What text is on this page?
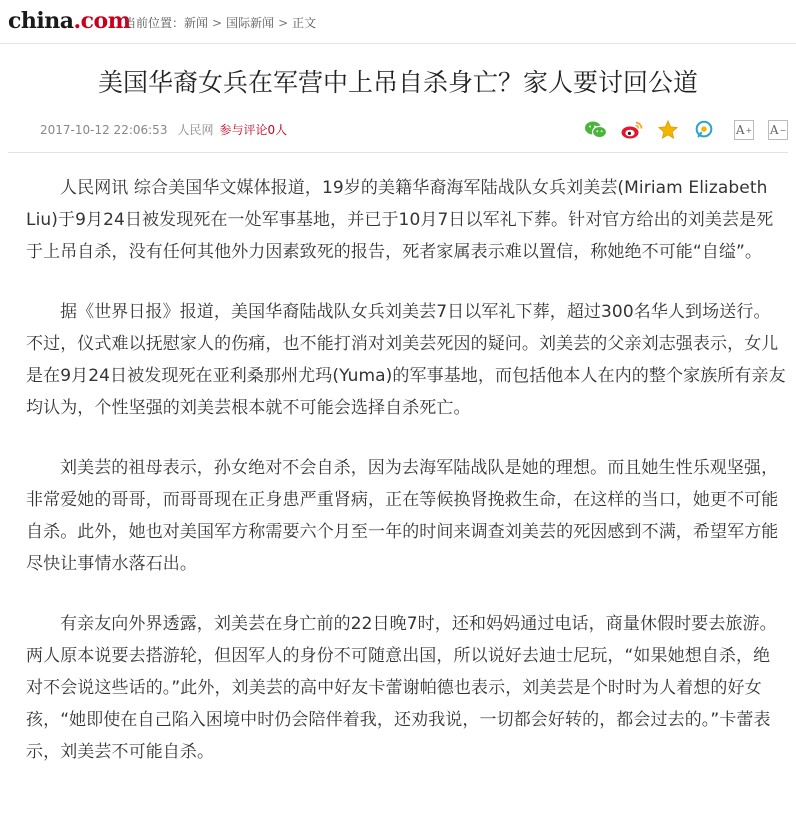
china.com
当前位置：新闻 > 国际新闻 > 正文
美国华裔女兵在军营中上吊自杀身亡？家人要讨回公道
2017-10-12 22:06:53 人民网 参与评论0人	A + A −

人民网讯 综合美国华文媒体报道，19岁的美籍华裔海军陆战队女兵刘美芸(Miriam Elizabeth Liu)于9月24日被发现死在一处军事基地，并已于10月7日以军礼下葬。针对官方给出的刘美芸是死于上吊自杀，没有任何其他外力因素致死的报告，死者家属表示难以置信，称她绝不可能“自缢”。

据《世界日报》报道，美国华裔陆战队女兵刘美芸7日以军礼下葬，超过300名华人到场送行。不过，仪式难以抚慰家人的伤痛，也不能打消对刘美芸死因的疑问。刘美芸的父亲刘志强表示，女儿是在9月24日被发现死在亚利桑那州尤玛(Yuma)的军事基地，而包括他本人在内的整个家族所有亲友均认为，个性坚强的刘美芸根本就不可能会选择自杀死亡。

刘美芸的祖母表示，孙女绝对不会自杀，因为去海军陆战队是她的理想。而且她生性乐观坚强，非常爱她的哥哥，而哥哥现在正身患严重肾病，正在等候换肾挽救生命，在这样的当口，她更不可能自杀。此外，她也对美国军方称需要六个月至一年的时间来调查刘美芸的死因感到不满，希望军方能尽快让事情水落石出。

有亲友向外界透露，刘美芸在身亡前的22日晚7时，还和妈妈通过电话，商量休假时要去旅游。两人原本说要去搭游轮，但因军人的身份不可随意出国，所以说好去迪士尼玩，“如果她想自杀，绝对不会说这些话的。”此外，刘美芸的高中好友卡蕾谢帕德也表示，刘美芸是个时时为人着想的好女孩，“她即使在自己陷入困境中时仍会陪伴着我，还劝我说，一切都会好转的，都会过去的。”卡蕾表示，刘美芸不可能自杀。
